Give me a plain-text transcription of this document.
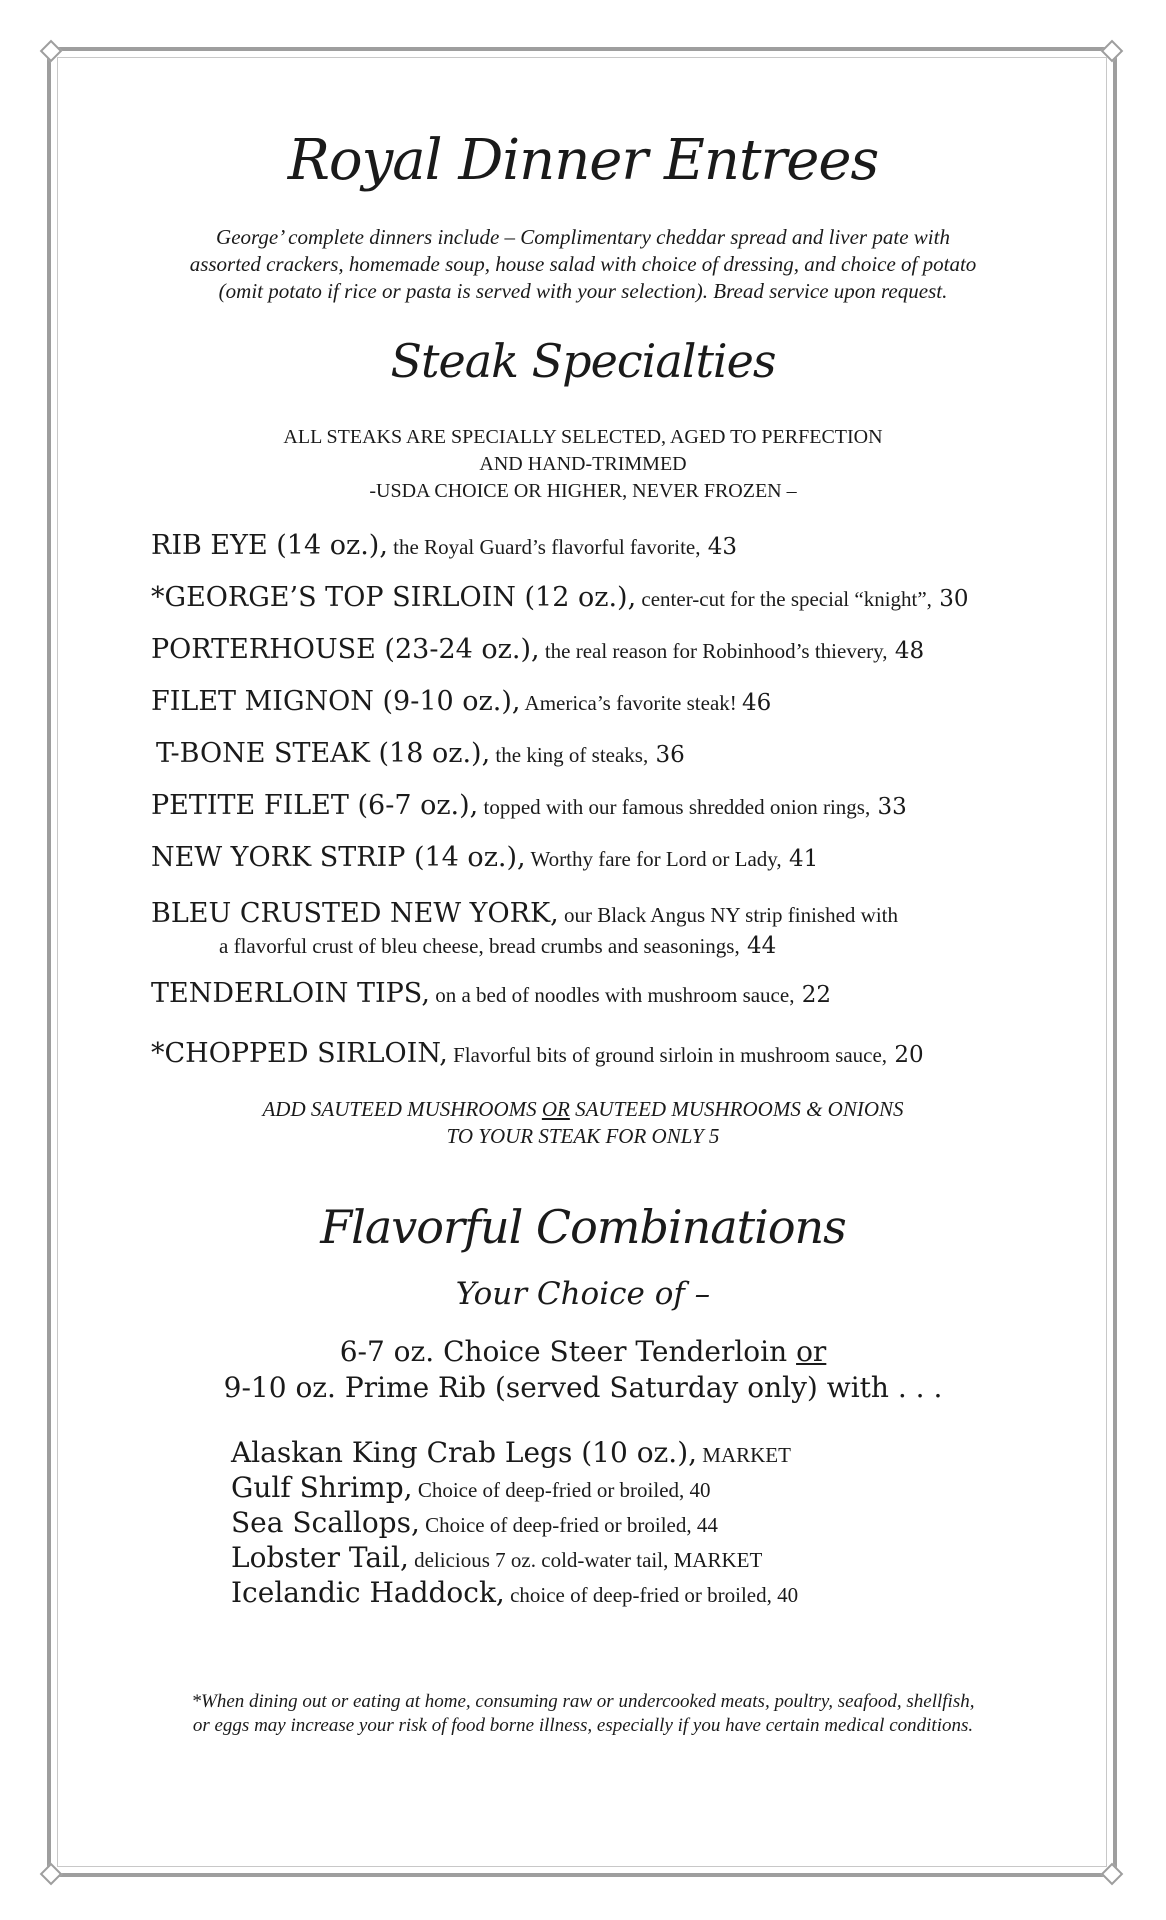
Royal Dinner Entrees
George’ complete dinners include – Complimentary cheddar spread and liver pate with
assorted crackers, homemade soup, house salad with choice of dressing, and choice of potato
(omit potato if rice or pasta is served with your selection). Bread service upon request.
Steak Specialties
ALL STEAKS ARE SPECIALLY SELECTED, AGED TO PERFECTION
AND HAND-TRIMMED
-USDA CHOICE OR HIGHER, NEVER FROZEN –
RIB EYE (14 oz.), the Royal Guard’s flavorful favorite, 43
*GEORGE’S TOP SIRLOIN (12 oz.), center-cut for the special “knight”, 30
PORTERHOUSE (23-24 oz.), the real reason for Robinhood’s thievery, 48
FILET MIGNON (9-10 oz.), America’s favorite steak! 46
T-BONE STEAK (18 oz.), the king of steaks, 36
PETITE FILET (6-7 oz.), topped with our famous shredded onion rings, 33
NEW YORK STRIP (14 oz.), Worthy fare for Lord or Lady, 41
BLEU CRUSTED NEW YORK, our Black Angus NY strip finished with
a flavorful crust of bleu cheese, bread crumbs and seasonings, 44
TENDERLOIN TIPS, on a bed of noodles with mushroom sauce, 22
*CHOPPED SIRLOIN, Flavorful bits of ground sirloin in mushroom sauce, 20
ADD SAUTEED MUSHROOMS OR SAUTEED MUSHROOMS & ONIONS
TO YOUR STEAK FOR ONLY 5
Flavorful Combinations
Your Choice of –
6-7 oz. Choice Steer Tenderloin or
9-10 oz. Prime Rib (served Saturday only) with . . .
Alaskan King Crab Legs (10 oz.), MARKET
Gulf Shrimp, Choice of deep-fried or broiled, 40
Sea Scallops, Choice of deep-fried or broiled, 44
Lobster Tail, delicious 7 oz. cold-water tail, MARKET
Icelandic Haddock, choice of deep-fried or broiled, 40
*When dining out or eating at home, consuming raw or undercooked meats, poultry, seafood, shellfish,
or eggs may increase your risk of food borne illness, especially if you have certain medical conditions.
